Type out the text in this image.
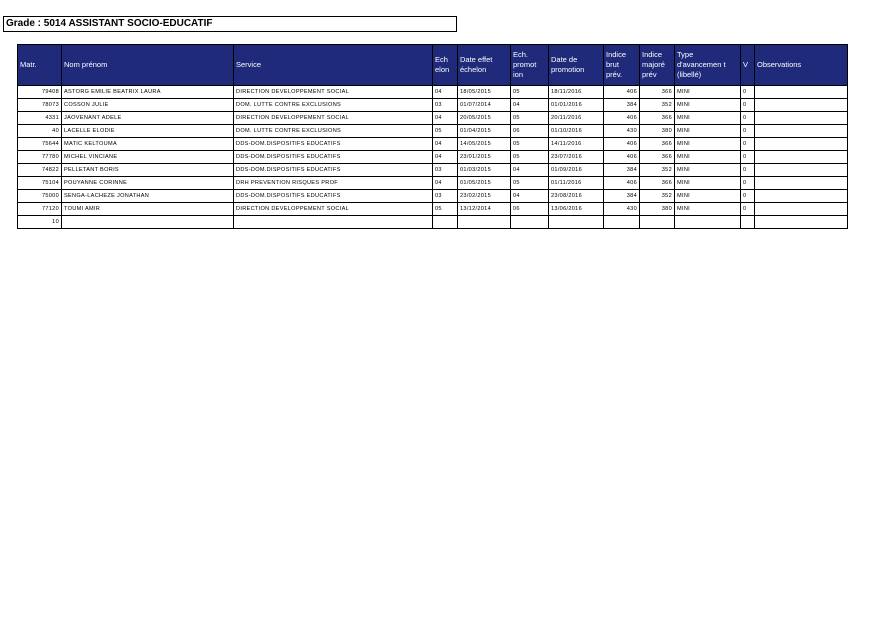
Grade : 5014 ASSISTANT SOCIO-EDUCATIF
Matr.	Nom prénom	Service	Ech elon	Date effet échelon	Ech. promot ion	Date de promotion	Indice brut prév.	Indice majoré prév	Type d'avancemen t (libellé)	V	Observations
79408	ASTORG EMILIE BEATRIX LAURA	DIRECTION DEVELOPPEMENT SOCIAL	04	18/05/2015	05	18/11/2016	406	366	MINI	0	
78073	COSSON JULIE	DOM. LUTTE CONTRE EXCLUSIONS	03	01/07/2014	04	01/01/2016	384	352	MINI	0	
4331	JAOVENANT ADELE	DIRECTION DEVELOPPEMENT SOCIAL	04	20/05/2015	05	20/11/2016	406	366	MINI	0	
40	LACELLE ELODIE	DOM. LUTTE CONTRE EXCLUSIONS	05	01/04/2015	06	01/10/2016	430	380	MINI	0	
75644	MATIC KELTOUMA	DDS-DOM.DISPOSITIFS EDUCATIFS	04	14/05/2015	05	14/11/2016	406	366	MINI	0	
77780	MICHEL VINCIANE	DDS-DOM.DISPOSITIFS EDUCATIFS	04	23/01/2015	05	23/07/2016	406	366	MINI	0	
74822	PELLETANT BORIS	DDS-DOM.DISPOSITIFS EDUCATIFS	03	01/03/2015	04	01/09/2016	384	352	MINI	0	
75104	POUYANNE CORINNE	DRH PREVENTION RISQUES PROF	04	01/05/2015	05	01/11/2016	406	366	MINI	0	
75000	SENGA-LACHEZE JONATHAN	DDS-DOM.DISPOSITIFS EDUCATIFS	03	23/02/2015	04	23/08/2016	384	352	MINI	0	
77120	TOUMI AMIR	DIRECTION DEVELOPPEMENT SOCIAL	05	13/12/2014	06	13/06/2016	430	380	MINI	0	
10											
